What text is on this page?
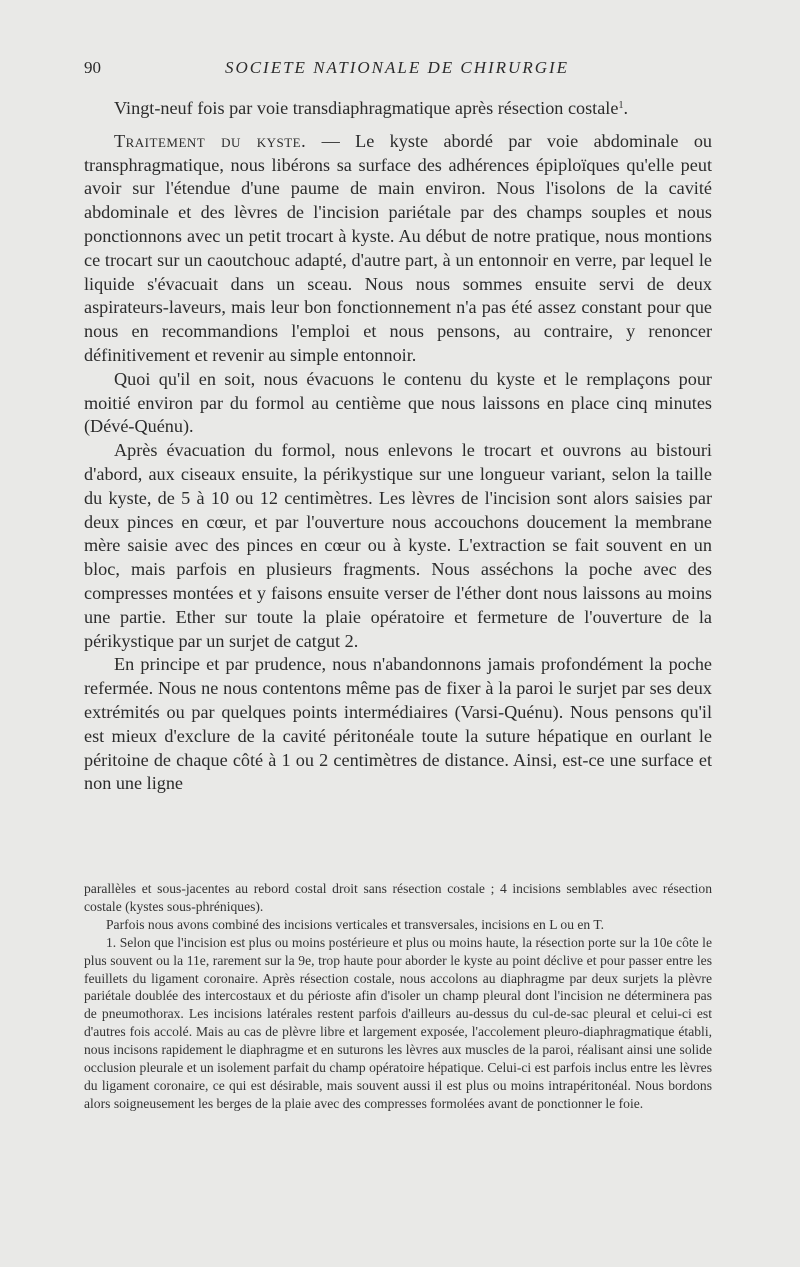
90	SOCIETE NATIONALE DE CHIRURGIE

Vingt-neuf fois par voie transdiaphragmatique après résection costale$^1$.

Traitement du kyste. — Le kyste abordé par voie abdominale ou transphragmatique, nous libérons sa surface des adhérences épiploïques qu'elle peut avoir sur l'étendue d'une paume de main environ. Nous l'isolons de la cavité abdominale et des lèvres de l'incision pariétale par des champs souples et nous ponctionnons avec un petit trocart à kyste. Au début de notre pratique, nous montions ce trocart sur un caoutchouc adapté, d'autre part, à un entonnoir en verre, par lequel le liquide s'évacuait dans un sceau. Nous nous sommes ensuite servi de deux aspirateurs-laveurs, mais leur bon fonctionnement n'a pas été assez constant pour que nous en recommandions l'emploi et nous pensons, au contraire, y renoncer définitivement et revenir au simple entonnoir.

Quoi qu'il en soit, nous évacuons le contenu du kyste et le remplaçons pour moitié environ par du formol au centième que nous laissons en place cinq minutes (Dévé-Quénu).

Après évacuation du formol, nous enlevons le trocart et ouvrons au bistouri d'abord, aux ciseaux ensuite, la périkystique sur une longueur variant, selon la taille du kyste, de 5 à 10 ou 12 centimètres. Les lèvres de l'incision sont alors saisies par deux pinces en cœur, et par l'ouverture nous accouchons doucement la membrane mère saisie avec des pinces en cœur ou à kyste. L'extraction se fait souvent en un bloc, mais parfois en plusieurs fragments. Nous asséchons la poche avec des compresses montées et y faisons ensuite verser de l'éther dont nous laissons au moins une partie. Ether sur toute la plaie opératoire et fermeture de l'ouverture de la périkystique par un surjet de catgut 2.

En principe et par prudence, nous n'abandonnons jamais profondément la poche refermée. Nous ne nous contentons même pas de fixer à la paroi le surjet par ses deux extrémités ou par quelques points intermédiaires (Varsi-Quénu). Nous pensons qu'il est mieux d'exclure de la cavité péritonéale toute la suture hépatique en ourlant le péritoine de chaque côté à 1 ou 2 centimètres de distance. Ainsi, est-ce une surface et non une ligne

parallèles et sous-jacentes au rebord costal droit sans résection costale ; 4 incisions semblables avec résection costale (kystes sous-phréniques).

Parfois nous avons combiné des incisions verticales et transversales, incisions en L ou en T.

1. Selon que l'incision est plus ou moins postérieure et plus ou moins haute, la résection porte sur la 10e côte le plus souvent ou la 11e, rarement sur la 9e, trop haute pour aborder le kyste au point déclive et pour passer entre les feuillets du ligament coronaire. Après résection costale, nous accolons au diaphragme par deux surjets la plèvre pariétale doublée des intercostaux et du périoste afin d'isoler un champ pleural dont l'incision ne déterminera pas de pneumothorax. Les incisions latérales restent parfois d'ailleurs au-dessus du cul-de-sac pleural et celui-ci est d'autres fois accolé. Mais au cas de plèvre libre et largement exposée, l'accolement pleuro-diaphragmatique établi, nous incisons rapidement le diaphragme et en suturons les lèvres aux muscles de la paroi, réalisant ainsi une solide occlusion pleurale et un isolement parfait du champ opératoire hépatique. Celui-ci est parfois inclus entre les lèvres du ligament coronaire, ce qui est désirable, mais souvent aussi il est plus ou moins intrapéritonéal. Nous bordons alors soigneusement les berges de la plaie avec des compresses formolées avant de ponctionner le foie.
